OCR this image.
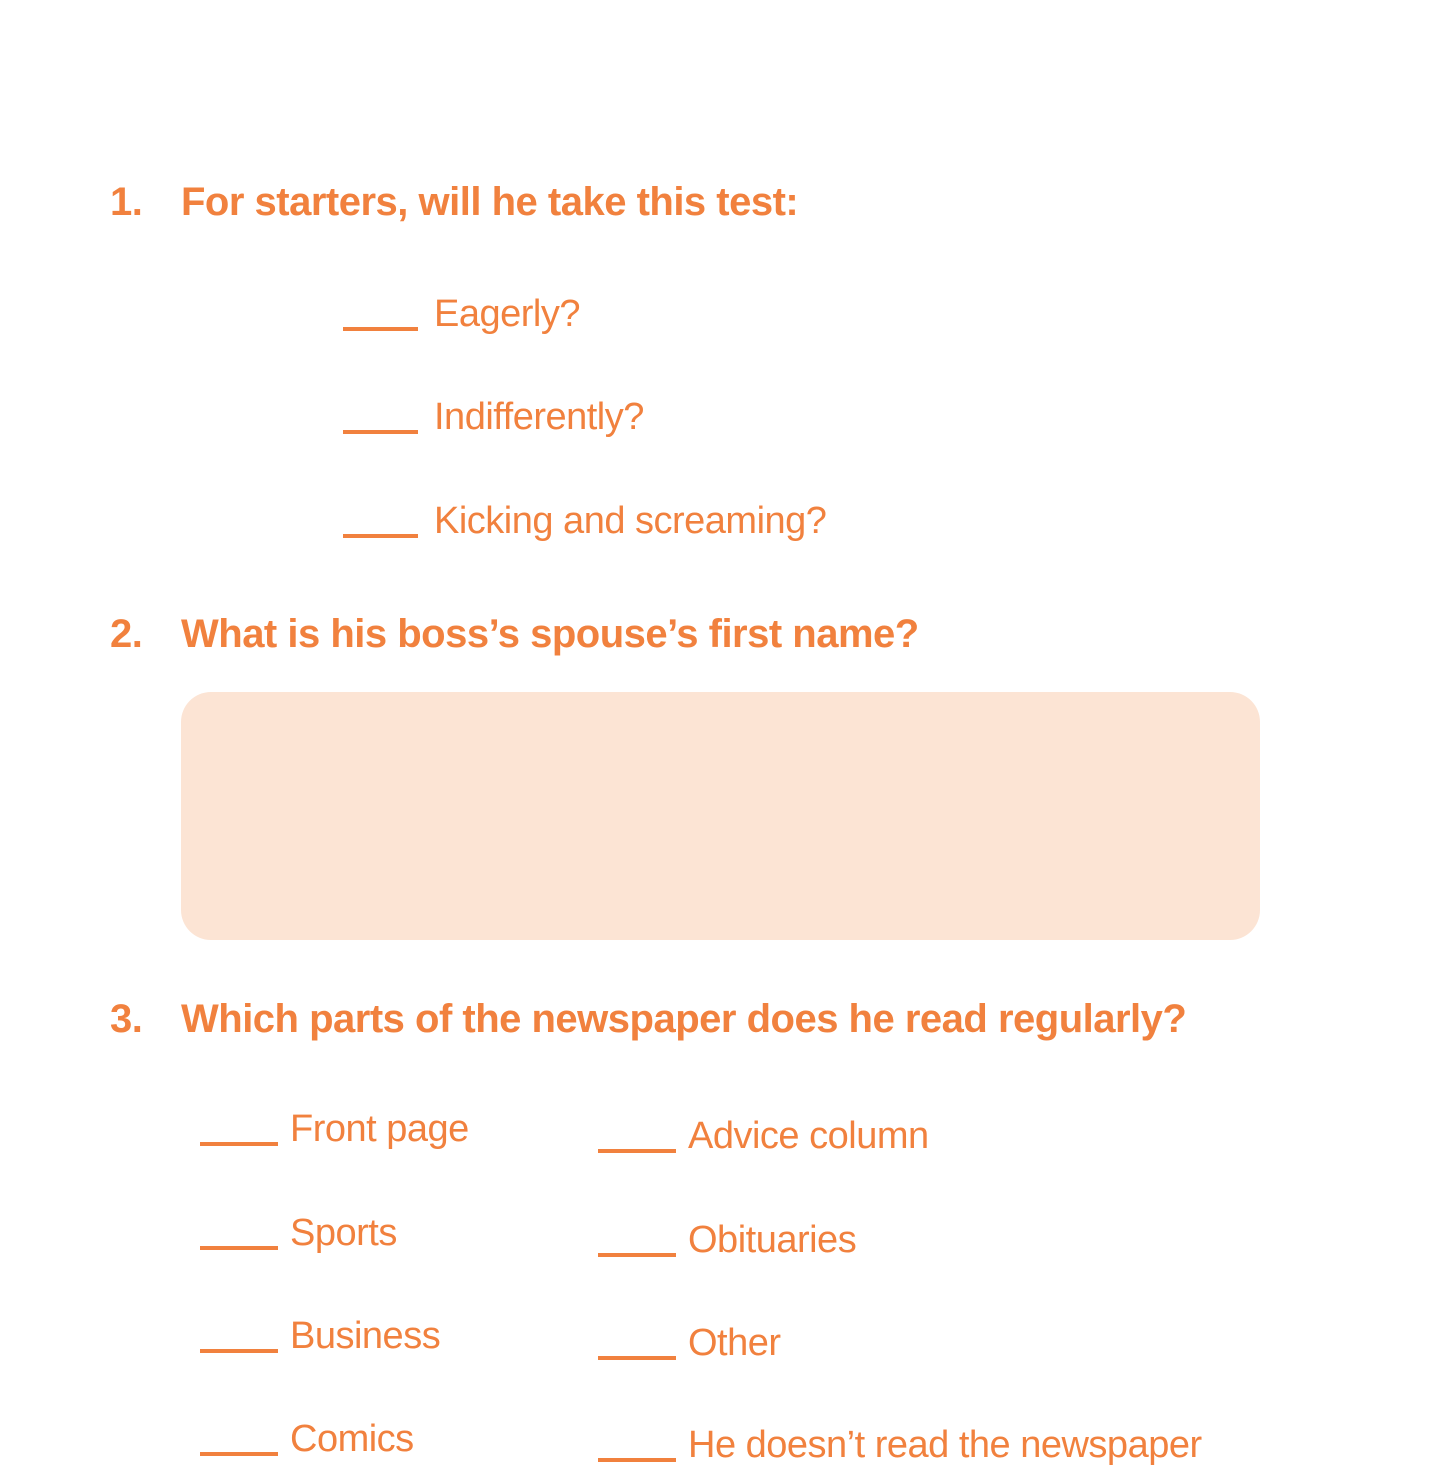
1. For starters, will he take this test:
Eagerly?
Indifferently?
Kicking and screaming?
2. What is his boss’s spouse’s first name?
3. Which parts of the newspaper does he read regularly?
Front page
Sports
Business
Comics
Advice column
Obituaries
Other
He doesn’t read the newspaper
